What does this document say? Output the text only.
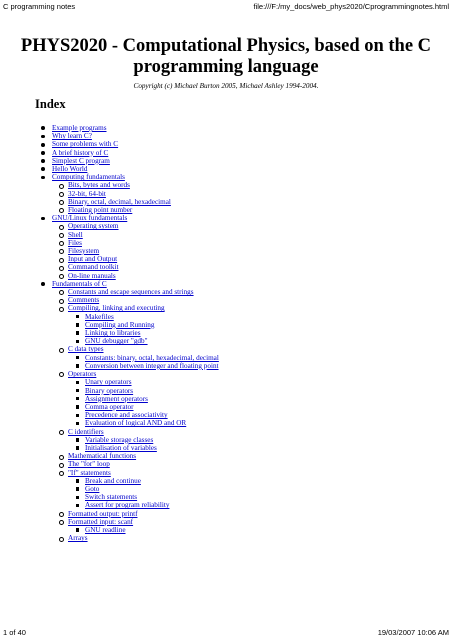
C programming notes	file:///F:/my_docs/web_phys2020/Cprogrammingnotes.html
PHYS2020 - Computational Physics, based on the C programming language
Copyright (c) Michael Burton 2005, Michael Ashley 1994-2004.
Index
Example programs
Why learn C?
Some problems with C
A brief history of C
Simplest C program
Hello World
Computing fundamentals
Bits, bytes and words
32-bit, 64-bit
Binary, octal, decimal, hexadecimal
Floating point number
GNU/Linux fundamentals
Operating system
Shell
Files
Filesystem
Input and Output
Command toolkit
On-line manuals
Fundamentals of C
Constants and escape sequences and strings
Comments
Compiling, linking and executing
Makefiles
Compiling and Running
Linking to libraries
GNU debugger "gdb"
C data types
Constants: binary, octal, hexadecimal, decimal
Conversion between integer and floating point
Operators
Unary operators
Binary operators
Assignment operators
Comma operator
Precedence and associativity
Evaluation of logical AND and OR
C identifiers
Variable storage classes
Initialisation of variables
Mathematical functions
The "for" loop
"If" statements
Break and continue
Goto
Switch statements
Assert for program reliability
Formatted output: printf
Formatted input: scanf
GNU readline
Arrays
1 of 40	19/03/2007 10:06 AM
